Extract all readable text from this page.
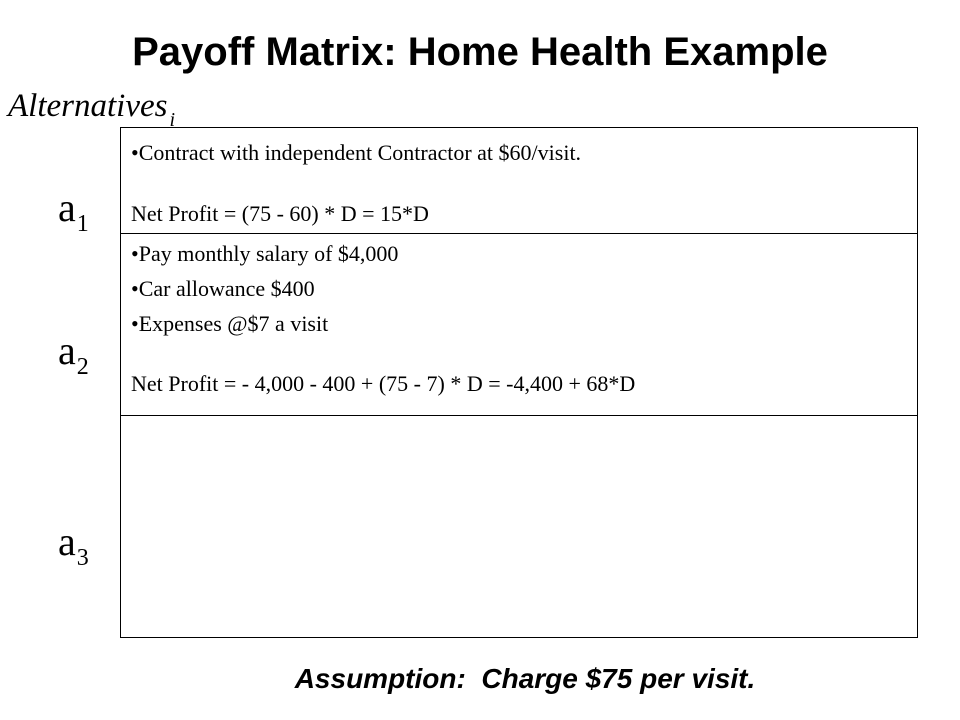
Payoff Matrix: Home Health Example
Alternatives $_i$
$a_1$
$a_2$
$a_3$
•Contract with independent Contractor at $60/visit.
Net Profit = (75 - 60) * D = 15*D
•Pay monthly salary of $4,000
•Car allowance $400
•Expenses @$7 a visit
Net Profit = - 4,000 - 400 + (75 - 7) * D = -4,400 + 68*D
Assumption:  Charge $75 per visit.
